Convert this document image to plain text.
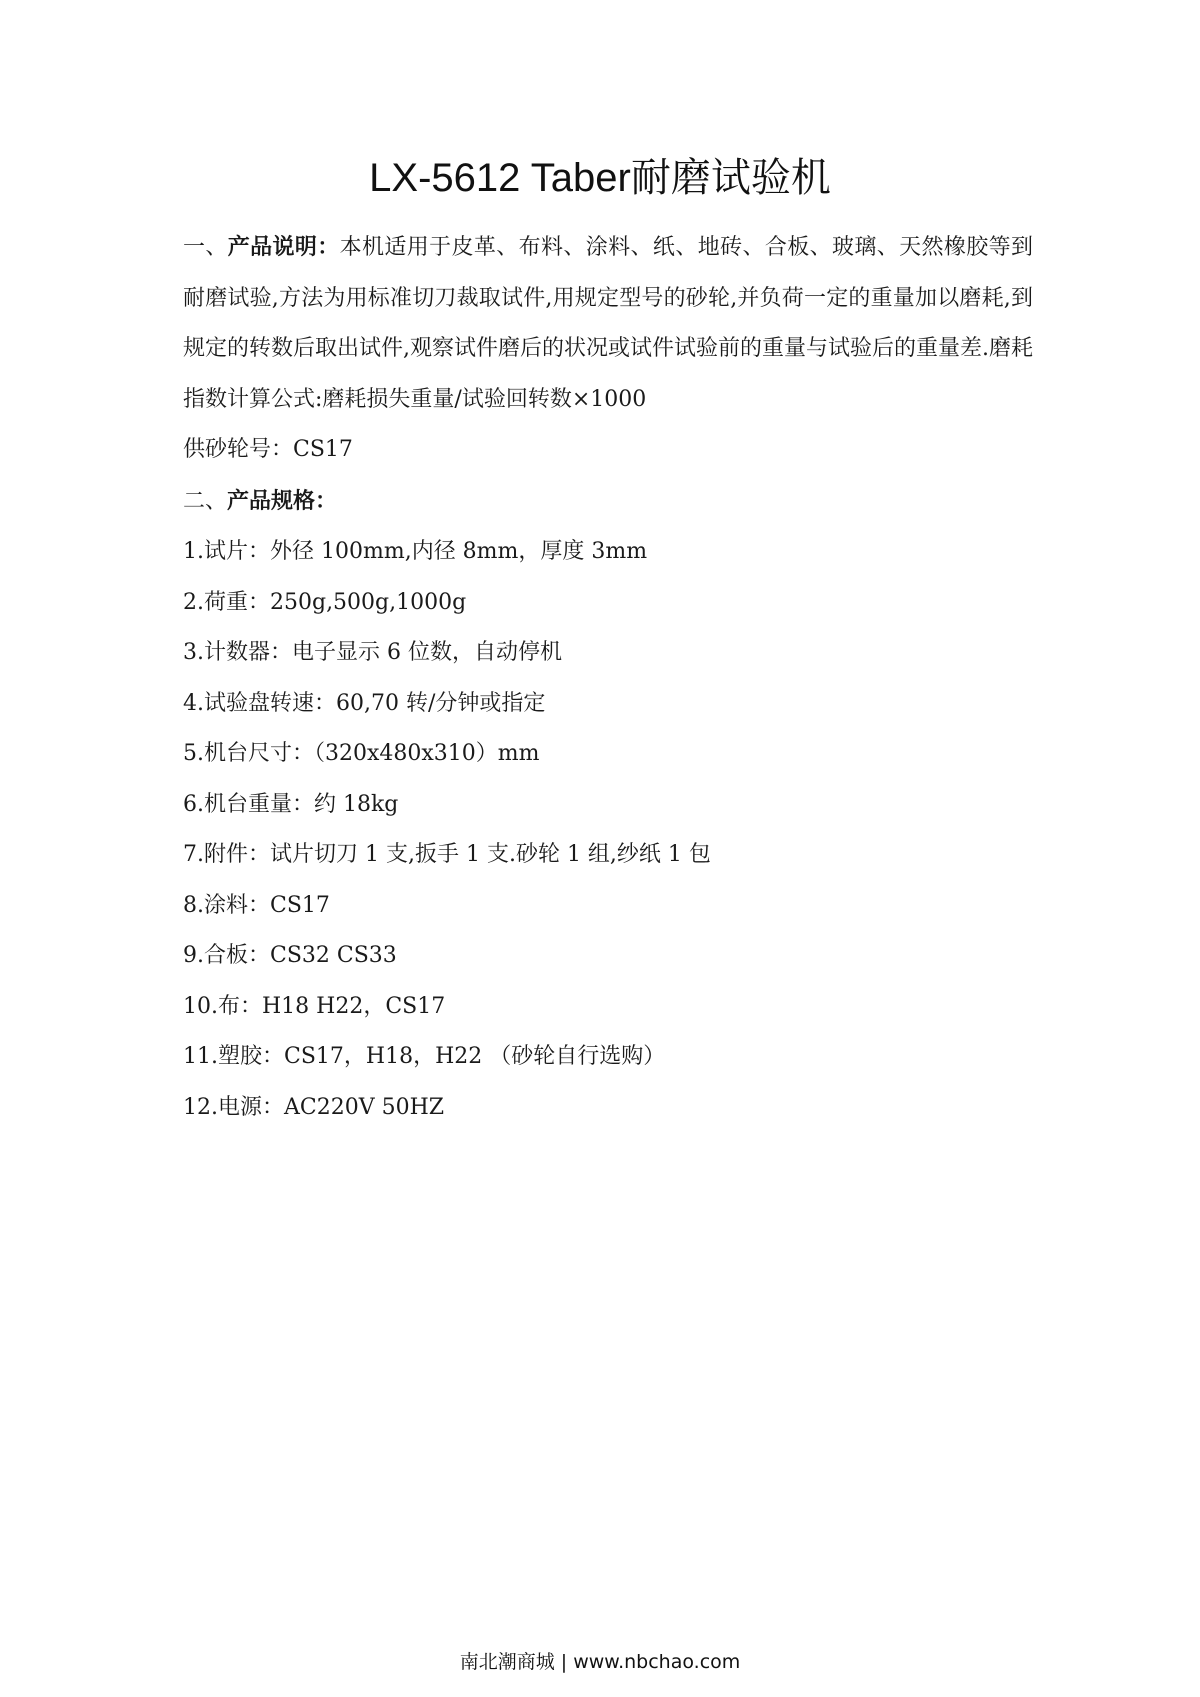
LX-5612 Taber耐磨试验机

一、产品说明：本机适用于皮革、布料、涂料、纸、地砖、合板、玻璃、天然橡胶等到耐磨试验,方法为用标准切刀裁取试件,用规定型号的砂轮,并负荷一定的重量加以磨耗,到规定的转数后取出试件,观察试件磨后的状况或试件试验前的重量与试验后的重量差.磨耗指数计算公式:磨耗损失重量/试验回转数×1000

供砂轮号：CS17

二、产品规格：

1.试片：外径 100mm,内径 8mm，厚度 3mm
2.荷重：250g,500g,1000g
3.计数器：电子显示 6 位数，自动停机
4.试验盘转速：60,70 转/分钟或指定
5.机台尺寸：（320x480x310）mm
6.机台重量：约 18kg
7.附件：试片切刀 1 支,扳手 1 支.砂轮 1 组,纱纸 1 包
8.涂料：CS17
9.合板：CS32 CS33
10.布：H18 H22，CS17
11.塑胶：CS17，H18，H22 （砂轮自行选购）
12.电源：AC220V 50HZ
南北潮商城 | www.nbchao.com
